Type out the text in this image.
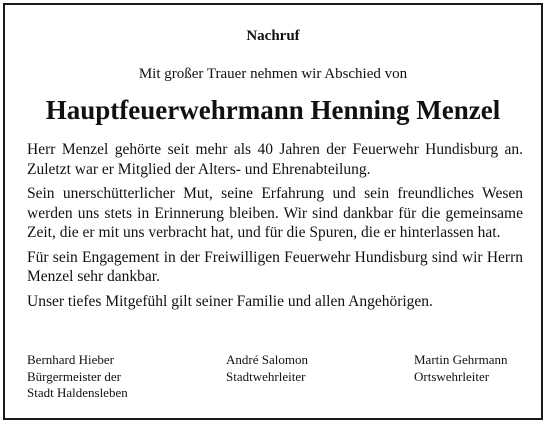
Nachruf
Mit großer Trauer nehmen wir Abschied von
Hauptfeuerwehrmann Henning Menzel

Herr Menzel gehörte seit mehr als 40 Jahren der Feuerwehr Hundisburg an. Zuletzt war er Mitglied der Alters- und Ehrenabteilung.

Sein unerschütterlicher Mut, seine Erfahrung und sein freundliches Wesen werden uns stets in Erinnerung bleiben. Wir sind dankbar für die gemeinsame Zeit, die er mit uns verbracht hat, und für die Spuren, die er hinterlassen hat.

Für sein Engagement in der Freiwilligen Feuerwehr Hundisburg sind wir Herrn Menzel sehr dankbar.

Unser tiefes Mitgefühl gilt seiner Familie und allen Angehörigen.

Bernhard Hieber
Bürgermeister der
Stadt Haldensleben
André Salomon
Stadtwehrleiter
Martin Gehrmann
Ortswehrleiter
